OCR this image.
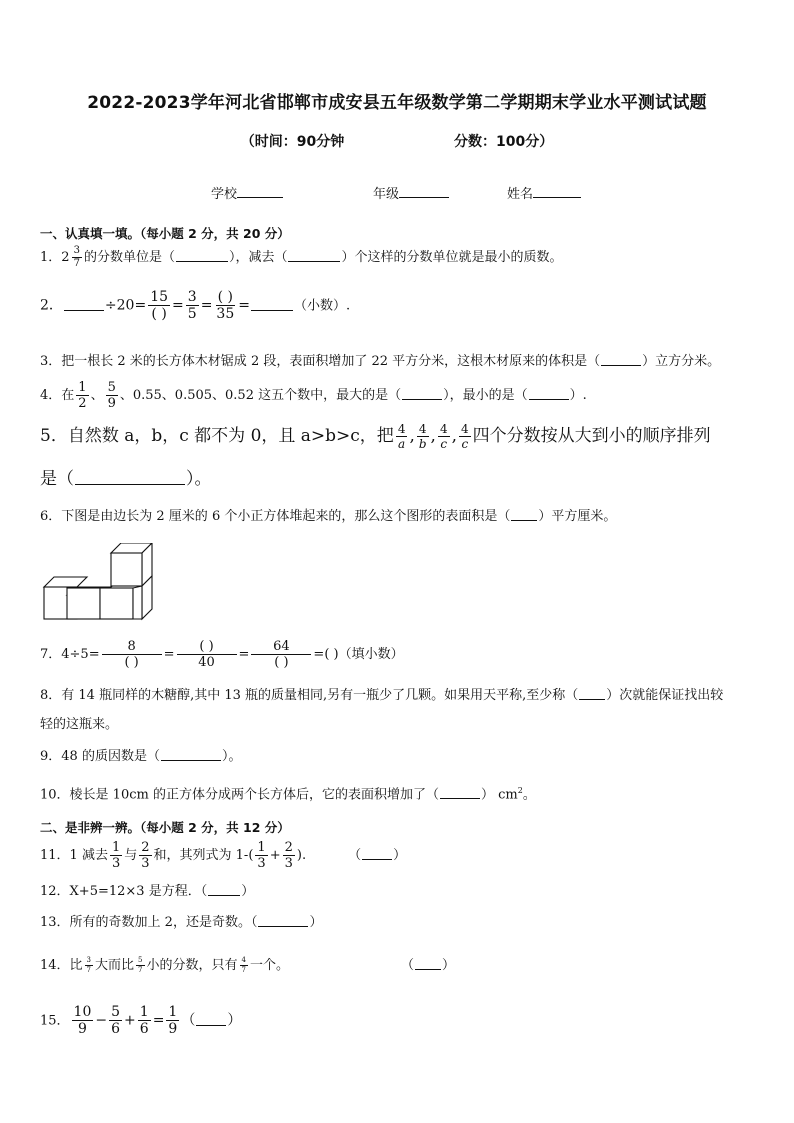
2022-2023学年河北省邯郸市成安县五年级数学第二学期期末学业水平测试试题
（时间：90分钟	分数：100分）
学校	年级	姓名
一、认真填一填。（每小题 2 分，共 20 分）
1．$2 \frac{3}{7}$ 的分数单位是（	），减去（	）个这样的分数单位就是最小的质数。
2．	$\div 20= \frac{15}{( )} = \frac{3}{5} = \frac{( )}{35}$ =	（小数）.
3．把一根长 2 米的长方体木材锯成 2 段，表面积增加了 22 平方分米，这根木材原来的体积是（	）立方分米。
4．在 $\frac{1}{2}$ 、 $\frac{5}{9}$ 、0.55、0.505、0.52 这五个数中，最大的是（	），最小的是（	）.
5．自然数 a，b，c 都不为 0，且 a>b>c，把 $\frac{4}{a}$ , $\frac{4}{b}$ , $\frac{4}{c}$ , $\frac{4}{c}$ 四个分数按从大到小的顺序排列
是（	）。
6．下图是由边长为 2 厘米的 6 个小正方体堆起来的，那么这个图形的表面积是（ ）平方厘米。
7．$4\div 5= \frac{8}{( )} = \frac{( )}{40} = \frac{64}{( )}$ =( )（填小数）
8．有 14 瓶同样的木糖醇,其中 13 瓶的质量相同,另有一瓶少了几颗。如果用天平称,至少称（ ）次就能保证找出较
轻的这瓶来。
9．48 的质因数是（	）。
10．棱长是 10cm 的正方体分成两个长方体后，它的表面积增加了（	） $cm^2$。
二、是非辨一辨。（每小题 2 分，共 12 分）
11．1 减去 $\frac{1}{3}$ 与 $\frac{2}{3}$ 和，其列式为 $1-( \frac{1}{3} + \frac{2}{3}$ ).	（ ）
12．X+5=12×3 是方程．（	）
13．所有的奇数加上 2，还是奇数。（	）
14．比 $\frac{3}{7}$ 大而比 $\frac{5}{7}$ 小的分数，只有 $\frac{4}{7}$ 一个。	（ ）
15． $\frac{10}{9} - \frac{5}{6} + \frac{1}{6} = \frac{1}{9}$ （ ）
